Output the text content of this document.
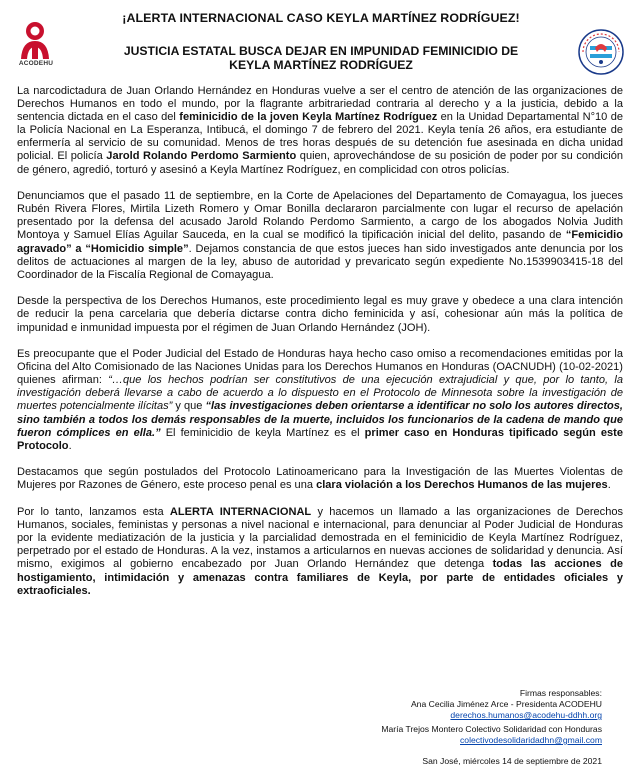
ACODEHU
¡ALERTA INTERNACIONAL CASO KEYLA MARTÍNEZ RODRÍGUEZ!
JUSTICIA ESTATAL BUSCA DEJAR EN IMPUNIDAD FEMINICIDIO DE
KEYLA MARTÍNEZ RODRÍGUEZ

La narcodictadura de Juan Orlando Hernández en Honduras vuelve a ser el centro de atención de las organizaciones de Derechos Humanos en todo el mundo, por la flagrante arbitrariedad contraria al derecho y a la justicia, debido a la sentencia dictada en el caso del feminicidio de la joven Keyla Martínez Rodríguez en la Unidad Departamental N°10 de la Policía Nacional en La Esperanza, Intibucá, el domingo 7 de febrero del 2021. Keyla tenía 26 años, era estudiante de enfermería al servicio de su comunidad. Menos de tres horas después de su detención fue asesinada en dicha unidad policial. El policía Jarold Rolando Perdomo Sarmiento quien, aprovechándose de su posición de poder por su condición de género, agredió, torturó y asesinó a Keyla Martínez Rodríguez, en complicidad con otros policías.

Denunciamos que el pasado 11 de septiembre, en la Corte de Apelaciones del Departamento de Comayagua, los jueces Rubén Rivera Flores, Mirtila Lizeth Romero y Omar Bonilla declararon parcialmente con lugar el recurso de apelación presentado por la defensa del acusado Jarold Rolando Perdomo Sarmiento, a cargo de los abogados Nolvia Judith Montoya y Samuel Elías Aguilar Sauceda, en la cual se modificó la tipificación inicial del delito, pasando de “Femicidio agravado” a “Homicidio simple”. Dejamos constancia de que estos jueces han sido investigados ante denuncia por los delitos de actuaciones al margen de la ley, abuso de autoridad y prevaricato según expediente No.1539903415-18 del Coordinador de la Fiscalía Regional de Comayagua.

Desde la perspectiva de los Derechos Humanos, este procedimiento legal es muy grave y obedece a una clara intención de reducir la pena carcelaria que debería dictarse contra dicho feminicida y así, cohesionar aún más la política de impunidad e inmunidad impuesta por el régimen de Juan Orlando Hernández (JOH).

Es preocupante que el Poder Judicial del Estado de Honduras haya hecho caso omiso a recomendaciones emitidas por la Oficina del Alto Comisionado de las Naciones Unidas para los Derechos Humanos en Honduras (OACNUDH) (10-02-2021) quienes afirman: “…que los hechos podrían ser constitutivos de una ejecución extrajudicial y que, por lo tanto, la investigación deberá llevarse a cabo de acuerdo a lo dispuesto en el Protocolo de Minnesota sobre la investigación de muertes potencialmente ilícitas” y que “las investigaciones deben orientarse a identificar no solo los autores directos, sino también a todos los demás responsables de la muerte, incluidos los funcionarios de la cadena de mando que fueron cómplices en ella.” El feminicidio de keyla Martínez es el primer caso en Honduras tipificado según este Protocolo.

Destacamos que según postulados del Protocolo Latinoamericano para la Investigación de las Muertes Violentas de Mujeres por Razones de Género, este proceso penal es una clara violación a los Derechos Humanos de las mujeres.

Por lo tanto, lanzamos esta ALERTA INTERNACIONAL y hacemos un llamado a las organizaciones de Derechos Humanos, sociales, feministas y personas a nivel nacional e internacional, para denunciar al Poder Judicial de Honduras por la evidente mediatización de la justicia y la parcialidad demostrada en el feminicidio de Keyla Martínez Rodríguez, perpetrado por el estado de Honduras. A la vez, instamos a articularnos en nuevas acciones de solidaridad y denuncia. Así mismo, exigimos al gobierno encabezado por Juan Orlando Hernández que detenga todas las acciones de hostigamiento, intimidación y amenazas contra familiares de Keyla, por parte de entidades oficiales y extraoficiales.

Firmas responsables:
Ana Cecilia Jiménez Arce - Presidenta ACODEHU
derechos.humanos@acodehu-ddhh.org
María Trejos Montero Colectivo Solidaridad con Honduras
colectivodesolidaridadhn@gmail.com
San José, miércoles 14 de septiembre de 2021
